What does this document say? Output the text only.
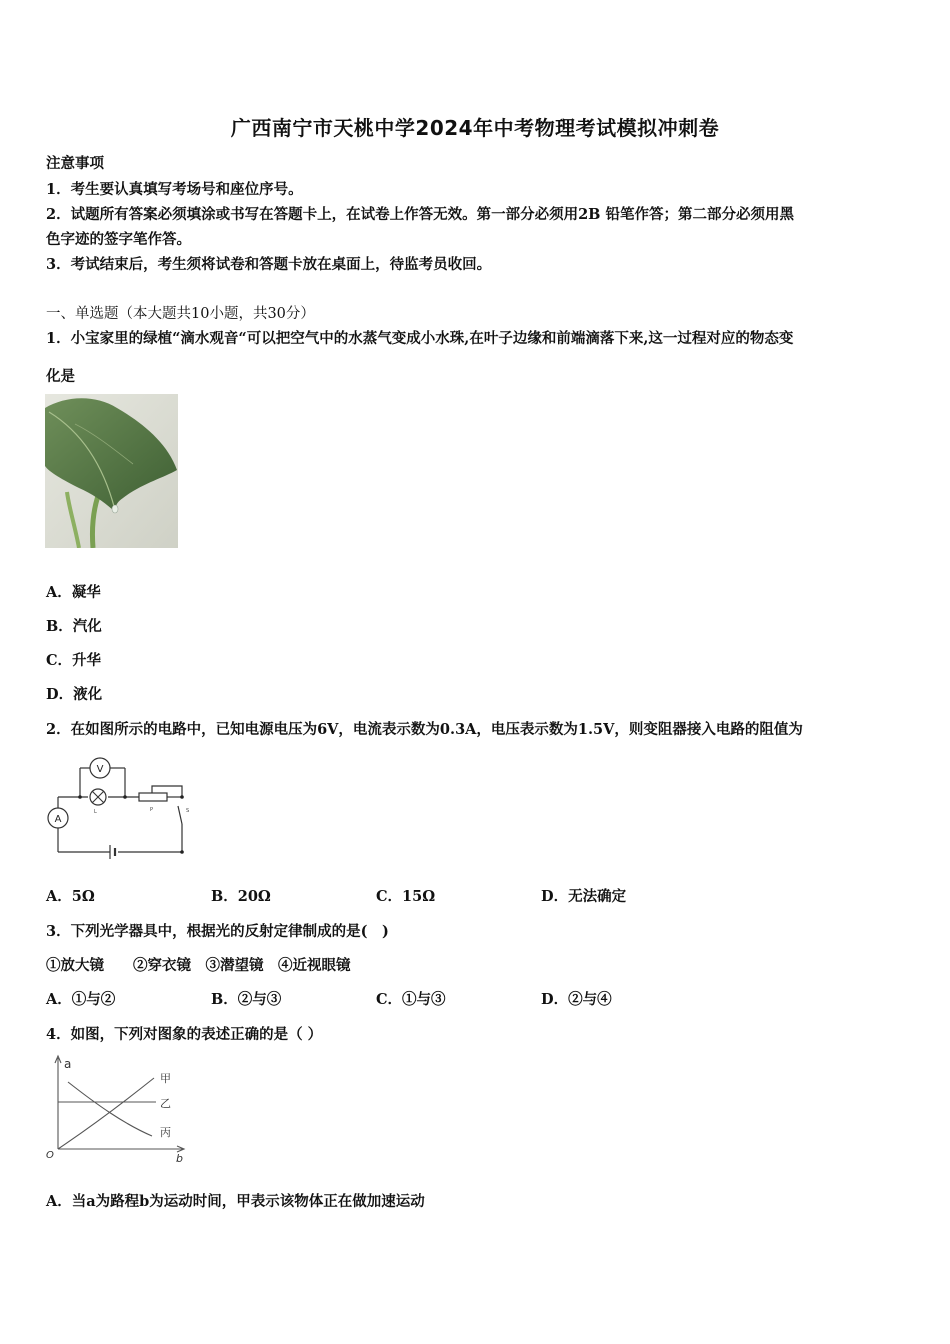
广西南宁市天桃中学2024年中考物理考试模拟冲刺卷
注意事项
1．考生要认真填写考场号和座位序号。
2．试题所有答案必须填涂或书写在答题卡上，在试卷上作答无效。第一部分必须用2B 铅笔作答；第二部分必须用黑
色字迹的签字笔作答。
3．考试结束后，考生须将试卷和答题卡放在桌面上，待监考员收回。
一、单选题（本大题共10小题，共30分）
1．小宝家里的绿植“滴水观音“可以把空气中的水蒸气变成小水珠,在叶子边缘和前端滴落下来,这一过程对应的物态变
化是
A．凝华
B．汽化
C．升华
D．液化
2．在如图所示的电路中，已知电源电压为6V，电流表示数为0.3A，电压表示数为1.5V，则变阻器接入电路的阻值为
V
A
L	P	S
A．5Ω	B．20Ω	C．15Ω	D．无法确定
3．下列光学器具中，根据光的反射定律制成的是(　)
①放大镜　　②穿衣镜　③潜望镜　④近视眼镜
A．①与②	B．②与③	C．①与③	D．②与④
4．如图，下列对图象的表述正确的是（ ）
a
b
O
甲
乙
丙
A．当a为路程b为运动时间，甲表示该物体正在做加速运动
